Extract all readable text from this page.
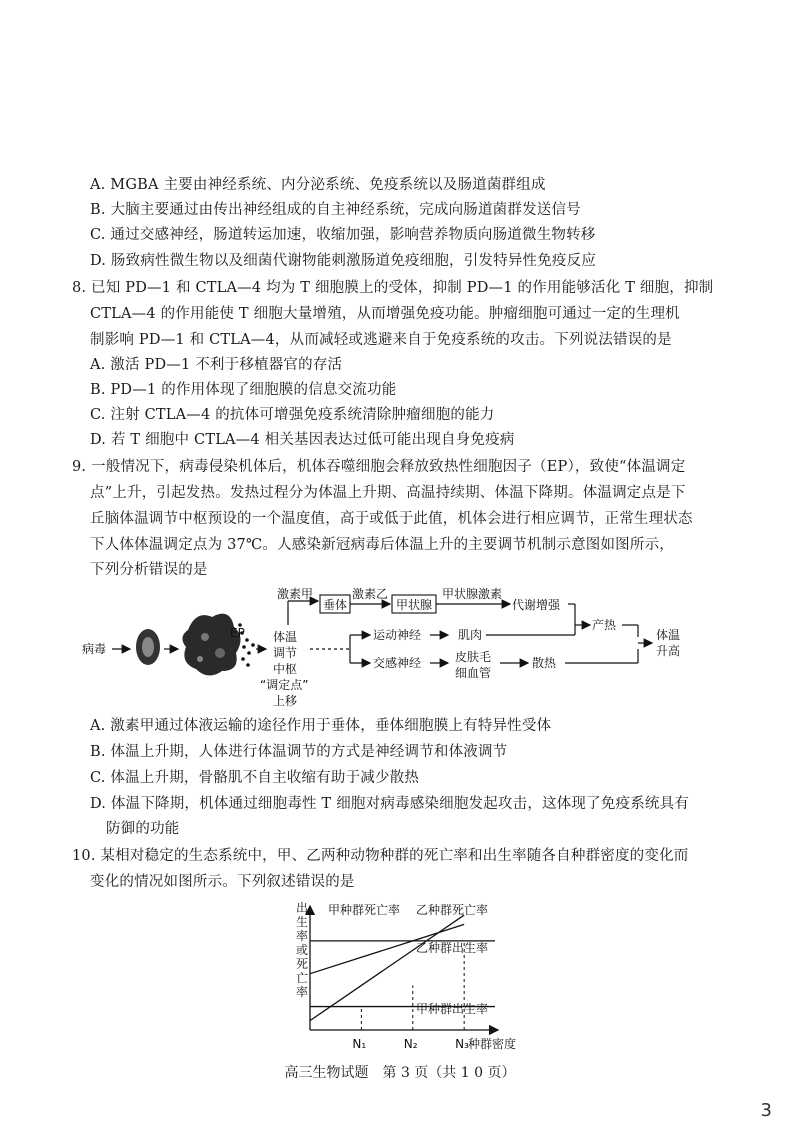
A. MGBA 主要由神经系统、内分泌系统、免疫系统以及肠道菌群组成
B. 大脑主要通过由传出神经组成的自主神经系统，完成向肠道菌群发送信号
C. 通过交感神经，肠道转运加速，收缩加强，影响营养物质向肠道微生物转移
D. 肠致病性微生物以及细菌代谢物能刺激肠道免疫细胞，引发特异性免疫反应
8. 已知 PD—1 和 CTLA—4 均为 T 细胞膜上的受体，抑制 PD—1 的作用能够活化 T 细胞，抑制
CTLA—4 的作用能使 T 细胞大量增殖，从而增强免疫功能。肿瘤细胞可通过一定的生理机
制影响 PD—1 和 CTLA—4，从而减轻或逃避来自于免疫系统的攻击。下列说法错误的是
A. 激活 PD—1 不利于移植器官的存活
B. PD—1 的作用体现了细胞膜的信息交流功能
C. 注射 CTLA—4 的抗体可增强免疫系统清除肿瘤细胞的能力
D. 若 T 细胞中 CTLA—4 相关基因表达过低可能出现自身免疫病
9. 一般情况下，病毒侵染机体后，机体吞噬细胞会释放致热性细胞因子（EP），致使“体温调定
点”上升，引起发热。发热过程分为体温上升期、高温持续期、体温下降期。体温调定点是下
丘脑体温调节中枢预设的一个温度值，高于或低于此值，机体会进行相应调节，正常生理状态
下人体体温调定点为 37℃。人感染新冠病毒后体温上升的主要调节机制示意图如图所示，
下列分析错误的是
病毒
EP 体温
调节
中枢
“调定点”
上移
激素甲
垂体
激素乙
甲状腺
甲状腺激素
代谢增强
产热
运动神经
交感神经
肌肉
皮肤毛
细血管
散热
体温
升高
A. 激素甲通过体液运输的途径作用于垂体，垂体细胞膜上有特异性受体
B. 体温上升期，人体进行体温调节的方式是神经调节和体液调节
C. 体温上升期，骨骼肌不自主收缩有助于减少散热
D. 体温下降期，机体通过细胞毒性 T 细胞对病毒感染细胞发起攻击，这体现了免疫系统具有
防御的功能
10. 某相对稳定的生态系统中，甲、乙两种动物种群的死亡率和出生率随各自种群密度的变化而
变化的情况如图所示。下列叙述错误的是
N₁	N₂	N₃
出生率或死亡率
种群密度
甲种群死亡率 乙种群死亡率
乙种群出生率
甲种群出生率
高三生物试题　第 3 页（共 1 0 页）
3
